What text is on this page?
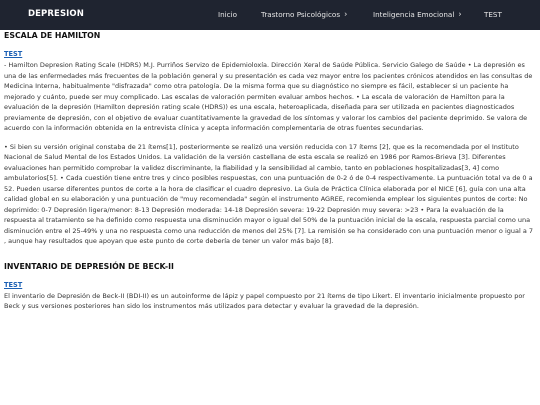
DEPRESION	Inicio	Trastorno Psicológicos ›	Inteligencia Emocional ›	TEST
ESCALA DE HAMILTON
TEST

- Hamilton Depresion Rating Scale (HDRS) M.J. Purriños Servizo de Epidemioloxía. Dirección Xeral de Saúde Pública. Servicio Galego de Saúde • La depresión es una de las enfermedades más frecuentes de la población general y su presentación es cada vez mayor entre los pacientes crónicos atendidos en las consultas de Medicina Interna, habitualmente "disfrazada" como otra patología. De la misma forma que su diagnóstico no siempre es fácil, establecer si un paciente ha mejorado y cuánto, puede ser muy complicado. Las escalas de valoración permiten evaluar ambos hechos. • La escala de valoración de Hamilton para la evaluación de la depresión (Hamilton depresión rating scale (HDRS)) es una escala, heteroaplicada, diseñada para ser utilizada en pacientes diagnosticados previamente de depresión, con el objetivo de evaluar cuantitativamente la gravedad de los síntomas y valorar los cambios del paciente deprimido. Se valora de acuerdo con la información obtenida en la entrevista clínica y acepta información complementaria de otras fuentes secundarias.

• Si bien su versión original constaba de 21 ítems[1], posteriormente se realizó una versión reducida con 17 ítems [2], que es la recomendada por el Instituto Nacional de Salud Mental de los Estados Unidos. La validación de la versión castellana de esta escala se realizó en 1986 por Ramos-Brieva [3]. Diferentes evaluaciones han permitido comprobar la validez discriminante, la fiabilidad y la sensibilidad al cambio, tanto en poblaciones hospitalizadas[3, 4] como ambulatorios[5]. • Cada cuestión tiene entre tres y cinco posibles respuestas, con una puntuación de 0-2 ó de 0-4 respectivamente. La puntuación total va de 0 a 52. Pueden usarse diferentes puntos de corte a la hora de clasificar el cuadro depresivo. La Guía de Práctica Clínica elaborada por el NICE [6], guía con una alta calidad global en su elaboración y una puntuación de "muy recomendada" según el instrumento AGREE, recomienda emplear los siguientes puntos de corte: No deprimido: 0-7 Depresión ligera/menor: 8-13 Depresión moderada: 14-18 Depresión severa: 19-22 Depresión muy severa: >23 • Para la evaluación de la respuesta al tratamiento se ha definido como respuesta una disminución mayor o igual del 50% de la puntuación inicial de la escala, respuesta parcial como una disminución entre el 25-49% y una no respuesta como una reducción de menos del 25% [7]. La remisión se ha considerado con una puntuación menor o igual a 7 , aunque hay resultados que apoyan que este punto de corte debería de tener un valor más bajo [8].

INVENTARIO DE DEPRESIÓN DE BECK-II
TEST

El inventario de Depresión de Beck-II (BDI-II) es un autoinforme de lápiz y papel compuesto por 21 ítems de tipo Likert. El inventario inicialmente propuesto por Beck y sus versiones posteriores han sido los instrumentos más utilizados para detectar y evaluar la gravedad de la depresión.
